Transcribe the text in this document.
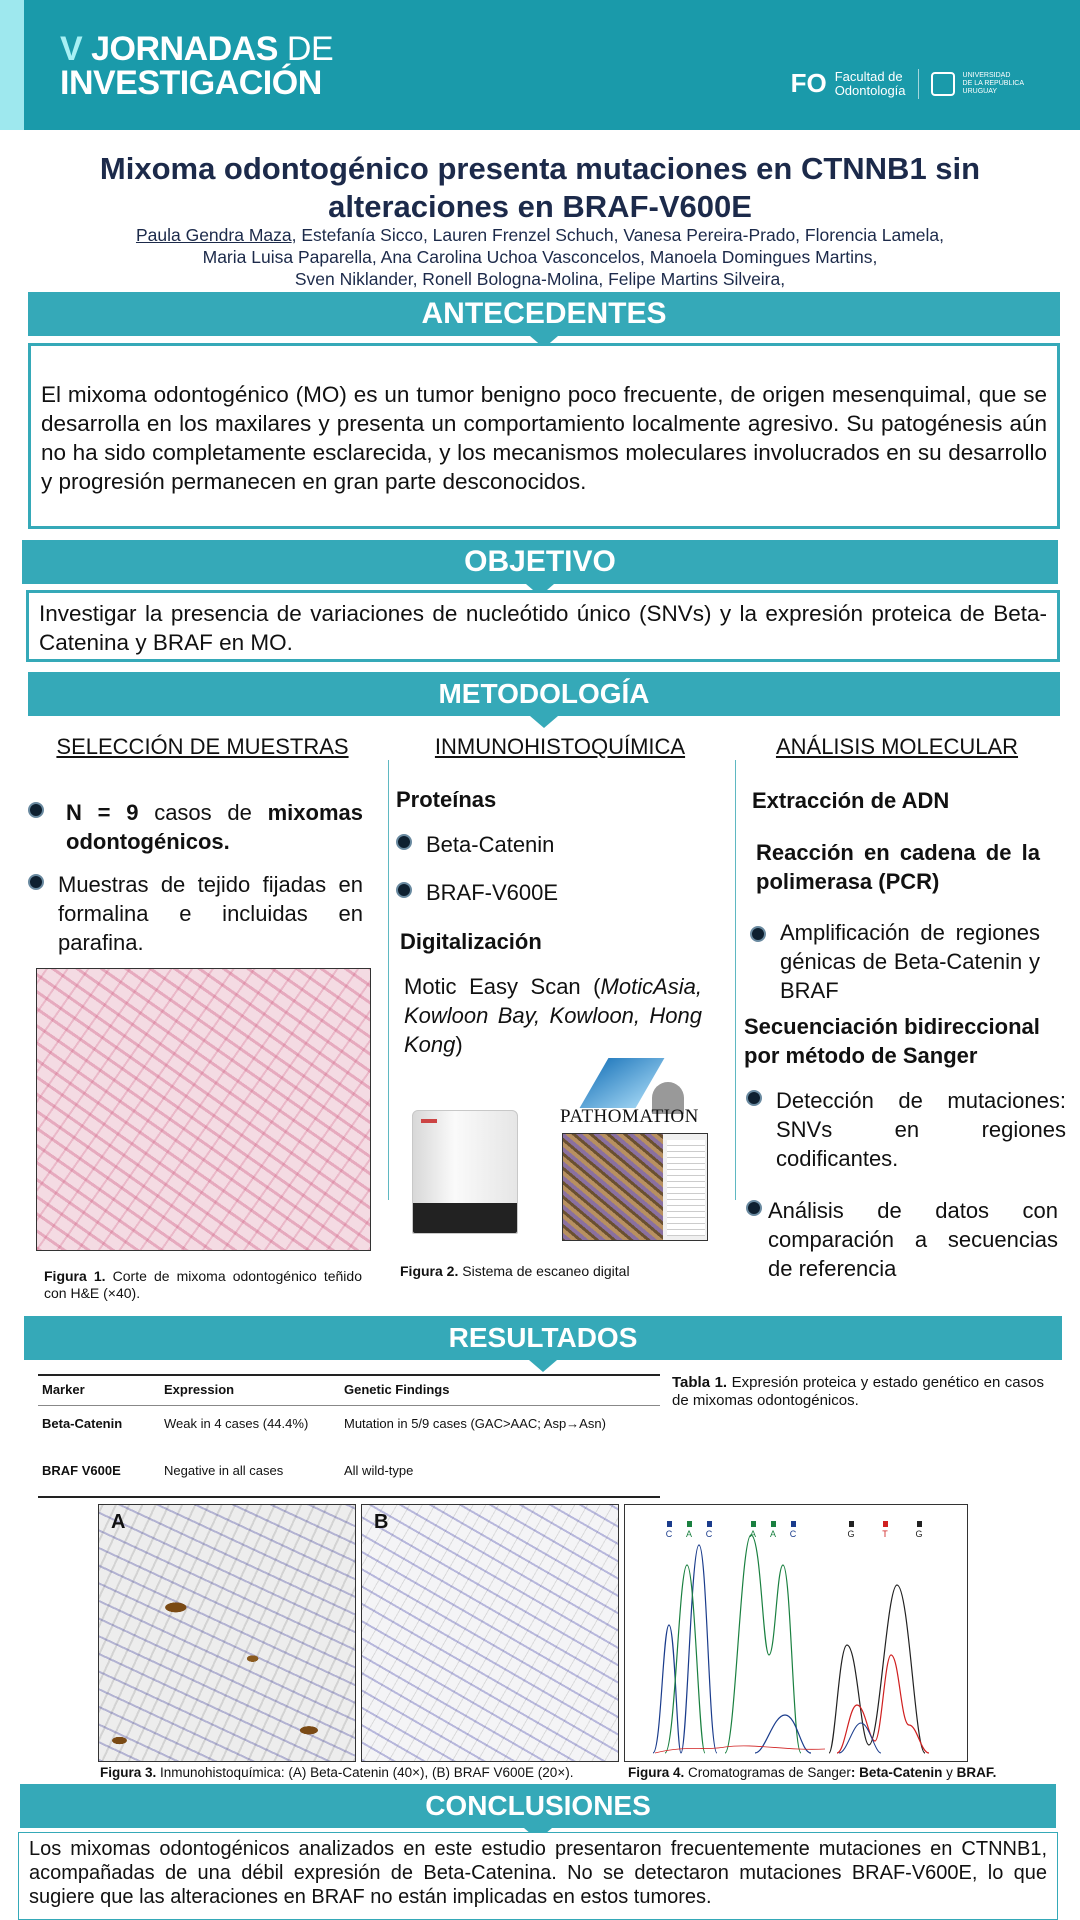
V JORNADAS DE
INVESTIGACIÓN	FO Facultad de
Odontología
UNIVERSIDAD
DE LA REPÚBLICA
URUGUAY
Mixoma odontogénico presenta mutaciones en CTNNB1 sin alteraciones en BRAF-V600E
Paula Gendra Maza, Estefanía Sicco, Lauren Frenzel Schuch, Vanesa Pereira-Prado, Florencia Lamela,
Maria Luisa Paparella, Ana Carolina Uchoa Vasconcelos, Manoela Domingues Martins,
Sven Niklander, Ronell Bologna-Molina, Felipe Martins Silveira,
ANTECEDENTES

El mixoma odontogénico (MO) es un tumor benigno poco frecuente, de origen mesenquimal, que se desarrolla en los maxilares y presenta un comportamiento localmente agresivo. Su patogénesis aún no ha sido completamente esclarecida, y los mecanismos moleculares involucrados en su desarrollo y progresión permanecen en gran parte desconocidos.

OBJETIVO

Investigar la presencia de variaciones de nucleótido único (SNVs) y la expresión proteica de Beta-Catenina y BRAF en MO.

METODOLOGÍA
SELECCIÓN DE MUESTRAS

N = 9 casos de mixomas odontogénicos.

Muestras de tejido fijadas en formalina e incluidas en parafina.

Figura 1. Corte de mixoma odontogénico teñido con H&E (×40).

INMUNOHISTOQUÍMICA
Proteínas
Beta-Catenin
BRAF-V600E
Digitalización

Motic Easy Scan (MoticAsia, Kowloon Bay, Kowloon, Hong Kong)

PATHOMATION

Figura 2. Sistema de escaneo digital

ANÁLISIS MOLECULAR
Extracción de ADN

Reacción en cadena de la polimerasa (PCR)

Amplificación de regiones génicas de Beta-Catenin y BRAF

Secuenciación bidireccional por método de Sanger

Detección de mutaciones: SNVs en regiones codificantes.

Análisis de datos con comparación a secuencias de referencia

RESULTADOS
Marker	Expression	Genetic Findings
Beta-Catenin	Weak in 4 cases (44.4%)	Mutation in 5/9 cases (GAC>AAC; Asp→Asn)
BRAF V600E	Negative in all cases	All wild-type

Tabla 1. Expresión proteica y estado genético en casos de mixomas odontogénicos.

A	B

Figura 3. Inmunohistoquímica: (A) Beta-Catenin (40×), (B) BRAF V600E (20×).

C A C	A A C	G	T	G

Figura 4. Cromatogramas de Sanger: Beta-Catenin y BRAF.

CONCLUSIONES

Los mixomas odontogénicos analizados en este estudio presentaron frecuentemente mutaciones en CTNNB1, acompañadas de una débil expresión de Beta-Catenina. No se detectaron mutaciones BRAF-V600E, lo que sugiere que las alteraciones en BRAF no están implicadas en estos tumores.
